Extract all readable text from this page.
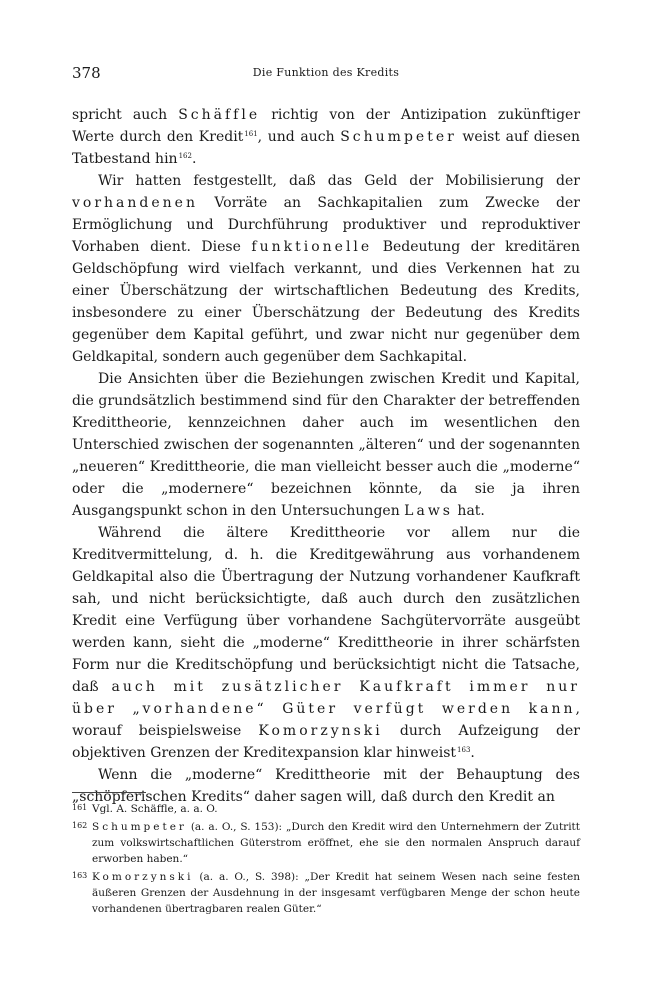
378	Die Funktion des Kredits

spricht auch Schäffle richtig von der Antizipation zukünftiger Werte durch den Kredit$^{161}$, und auch Schumpeter weist auf diesen Tatbestand hin$^{162}$.

Wir hatten festgestellt, daß das Geld der Mobilisierung der vorhandenen Vorräte an Sachkapitalien zum Zwecke der Ermöglichung und Durchführung produktiver und reproduktiver Vorhaben dient. Diese funktionelle Bedeutung der kreditären Geldschöpfung wird vielfach verkannt, und dies Verkennen hat zu einer Überschätzung der wirtschaftlichen Bedeutung des Kredits, insbesondere zu einer Überschätzung der Bedeutung des Kredits gegenüber dem Kapital geführt, und zwar nicht nur gegenüber dem Geldkapital, sondern auch gegenüber dem Sachkapital.

Die Ansichten über die Beziehungen zwischen Kredit und Kapital, die grundsätzlich bestimmend sind für den Charakter der betreffenden Kredittheorie, kennzeichnen daher auch im wesentlichen den Unterschied zwischen der sogenannten „älteren“ und der sogenannten „neueren“ Kredittheorie, die man vielleicht besser auch die „moderne“ oder die „modernere“ bezeichnen könnte, da sie ja ihren Ausgangspunkt schon in den Untersuchungen Laws hat.

Während die ältere Kredittheorie vor allem nur die Kreditvermittelung, d. h. die Kreditgewährung aus vorhandenem Geldkapital also die Übertragung der Nutzung vorhandener Kaufkraft sah, und nicht berücksichtigte, daß auch durch den zusätzlichen Kredit eine Verfügung über vorhandene Sachgütervorräte ausgeübt werden kann, sieht die „moderne“ Kredittheorie in ihrer schärfsten Form nur die Kreditschöpfung und berücksichtigt nicht die Tatsache, daß auch mit zusätzlicher Kaufkraft immer nur über „vorhandene“ Güter verfügt werden kann, worauf beispielsweise Komorzynski durch Aufzeigung der objektiven Grenzen der Kreditexpansion klar hinweist$^{163}$.

Wenn die „moderne“ Kredittheorie mit der Behauptung des „schöpferischen Kredits“ daher sagen will, daß durch den Kredit an

161 Vgl. A. Schäffle, a. a. O.

162 Schumpeter (a. a. O., S. 153): „Durch den Kredit wird den Unternehmern der Zutritt zum volkswirtschaftlichen Güterstrom eröffnet, ehe sie den normalen Anspruch darauf erworben haben.“

163 Komorzynski (a. a. O., S. 398): „Der Kredit hat seinem Wesen nach seine festen äußeren Grenzen der Ausdehnung in der insgesamt verfügbaren Menge der schon heute vorhandenen übertragbaren realen Güter.“
